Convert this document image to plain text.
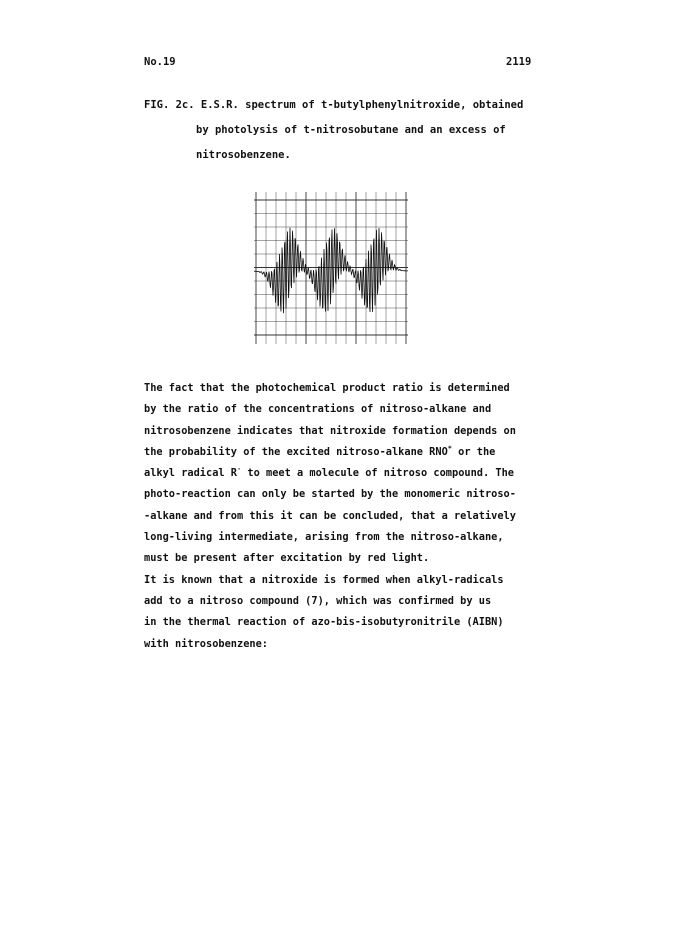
No.19	2119
FIG. 2c. E.S.R. spectrum of t-butylphenylnitroxide, obtained
by photolysis of t-nitrosobutane and an excess of
nitrosobenzene.
The fact that the photochemical product ratio is determined
by the ratio of the concentrations of nitroso-alkane and
nitrosobenzene indicates that nitroxide formation depends on
the probability of the excited nitroso-alkane RNO* or the
alkyl radical R· to meet a molecule of nitroso compound. The
photo-reaction can only be started by the monomeric nitroso-
-alkane and from this it can be concluded, that a relatively
long-living intermediate, arising from the nitroso-alkane,
must be present after excitation by red light.
It is known that a nitroxide is formed when alkyl-radicals
add to a nitroso compound (7), which was confirmed by us
in the thermal reaction of azo-bis-isobutyronitrile (AIBN)
with nitrosobenzene:
